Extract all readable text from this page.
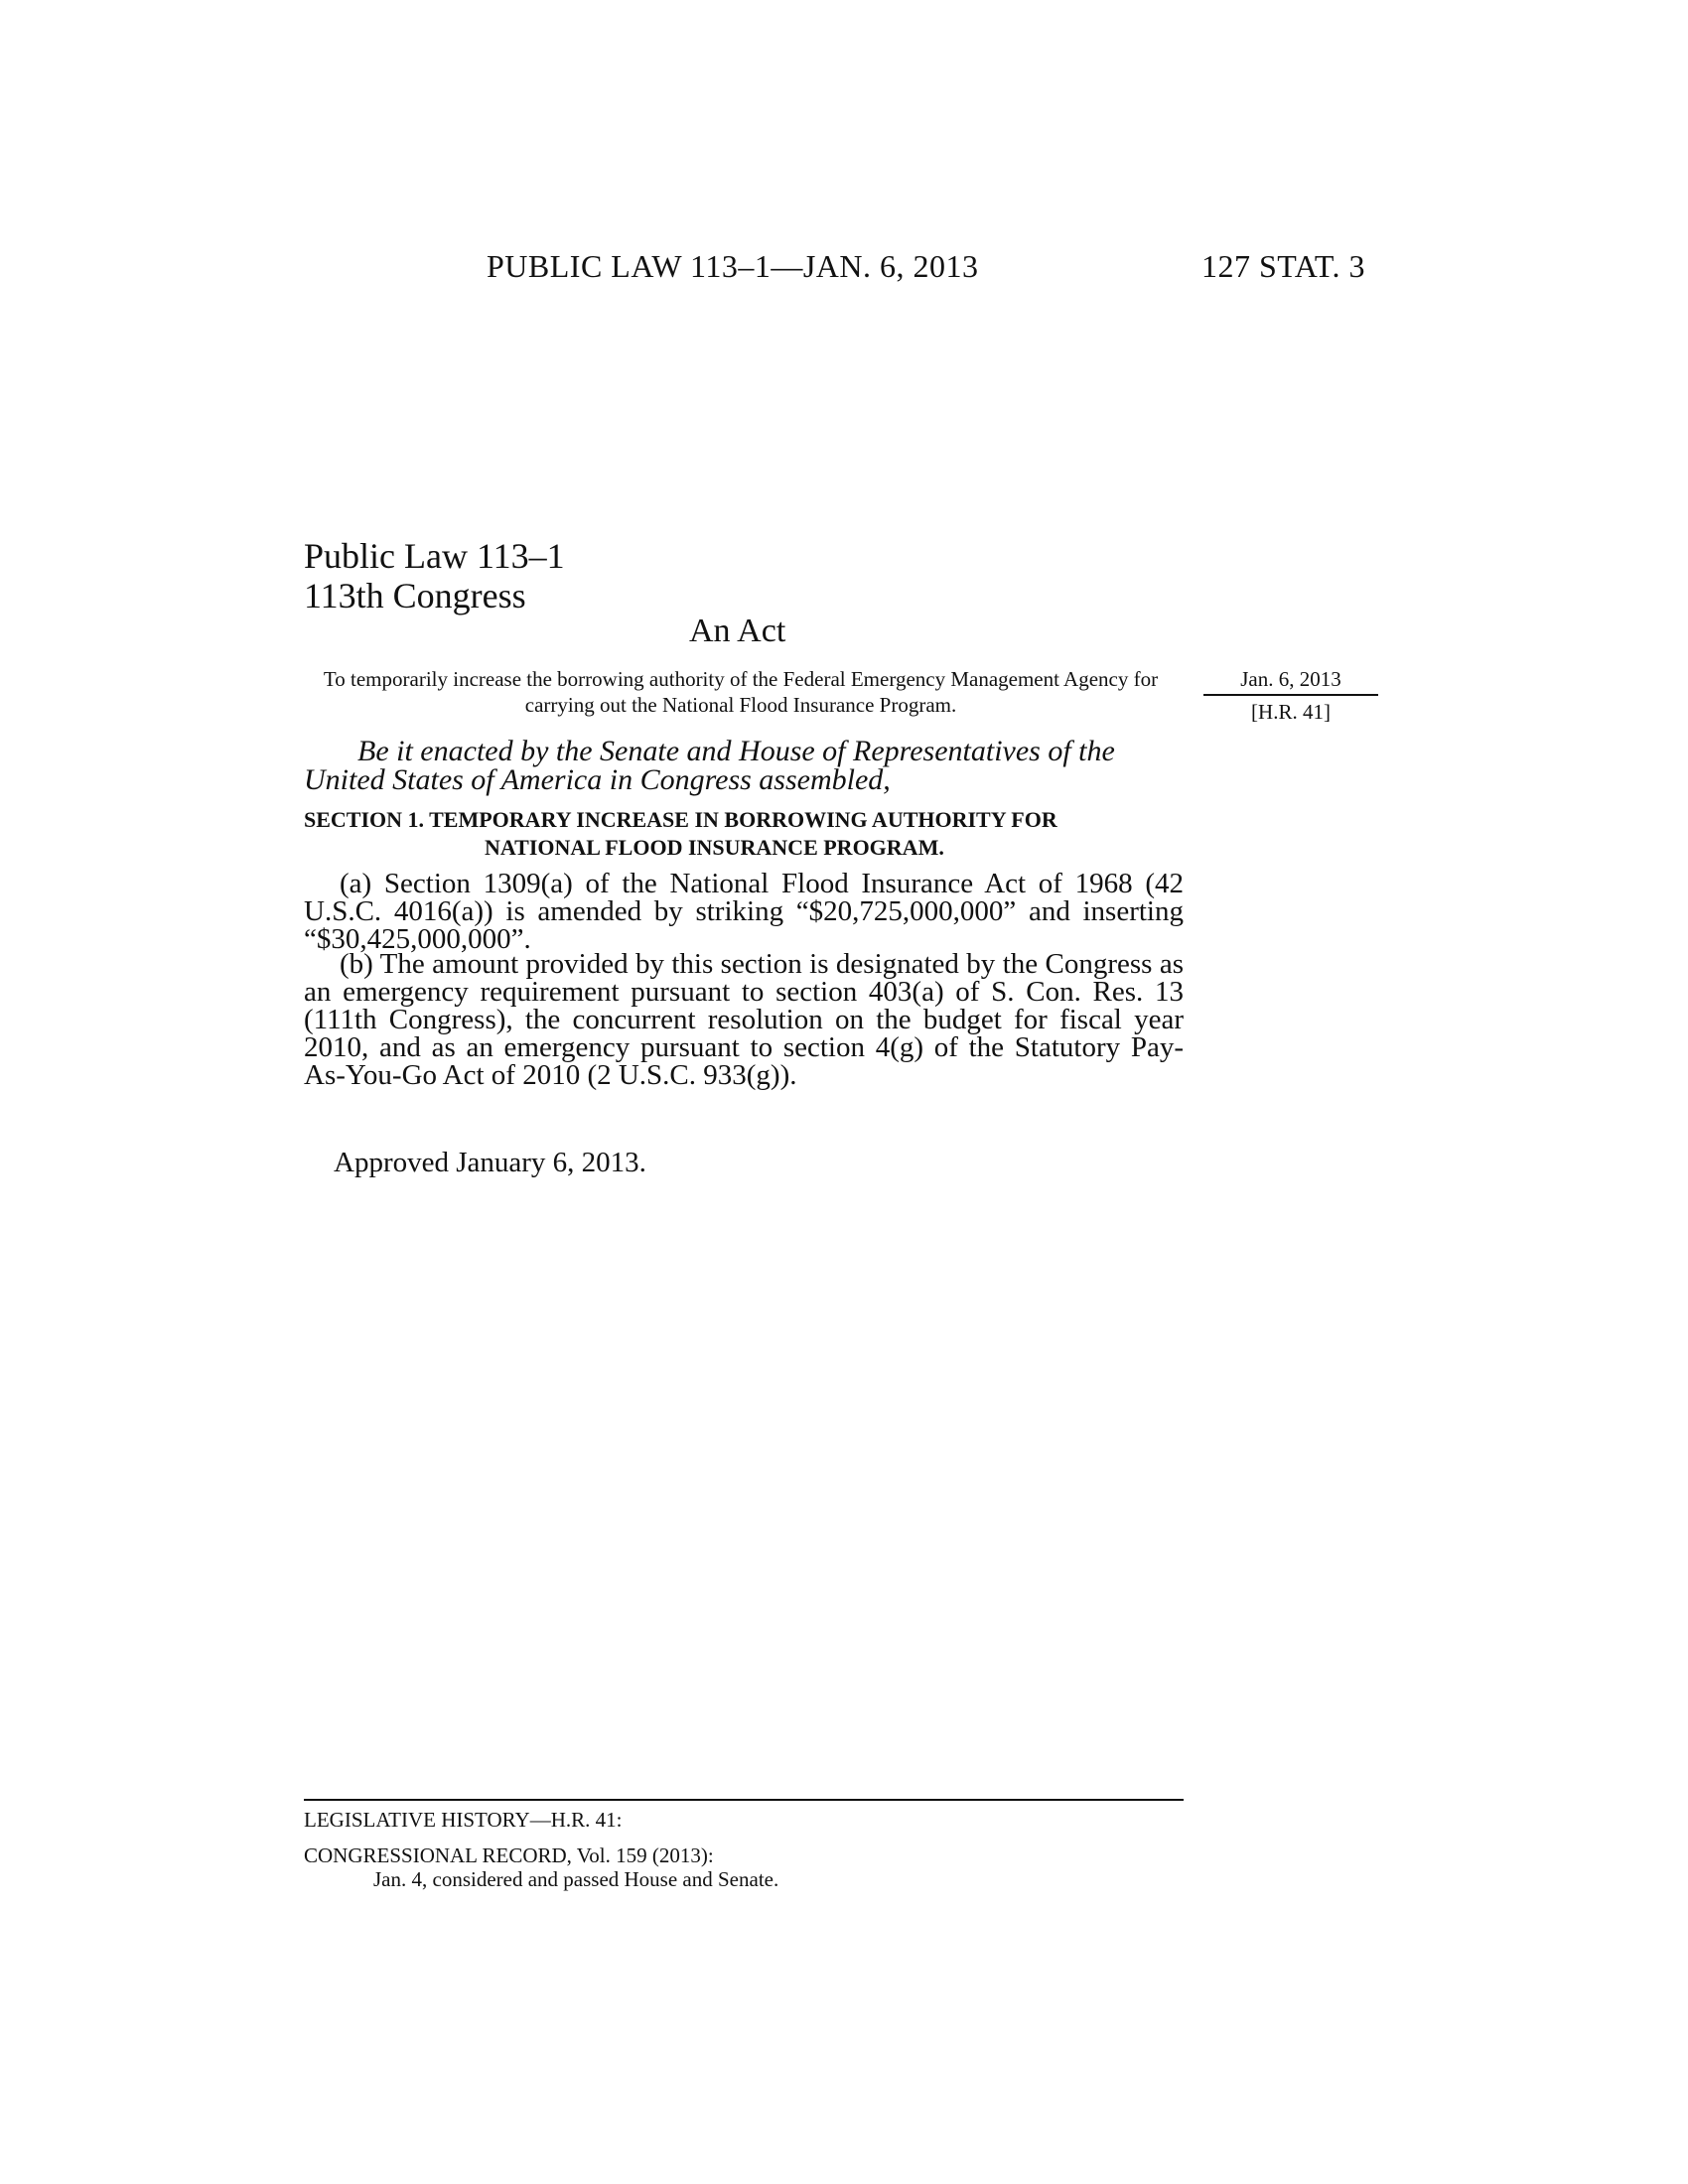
PUBLIC LAW 113–1—JAN. 6, 2013	127 STAT. 3
Public Law 113–1
113th Congress
An Act
To temporarily increase the borrowing authority of the Federal Emergency Management Agency for carrying out the National Flood Insurance Program.
Jan. 6, 2013
[H.R. 41]
Be it enacted by the Senate and House of Representatives of the United States of America in Congress assembled,
SECTION 1. TEMPORARY INCREASE IN BORROWING AUTHORITY FOR
NATIONAL FLOOD INSURANCE PROGRAM.
(a) Section 1309(a) of the National Flood Insurance Act of 1968 (42 U.S.C. 4016(a)) is amended by striking “$20,725,000,000” and inserting “$30,425,000,000”.
(b) The amount provided by this section is designated by the Congress as an emergency requirement pursuant to section 403(a) of S. Con. Res. 13 (111th Congress), the concurrent resolution on the budget for fiscal year 2010, and as an emergency pursuant to section 4(g) of the Statutory Pay-As-You-Go Act of 2010 (2 U.S.C. 933(g)).
Approved January 6, 2013.
LEGISLATIVE HISTORY—H.R. 41:
CONGRESSIONAL RECORD, Vol. 159 (2013):
Jan. 4, considered and passed House and Senate.
